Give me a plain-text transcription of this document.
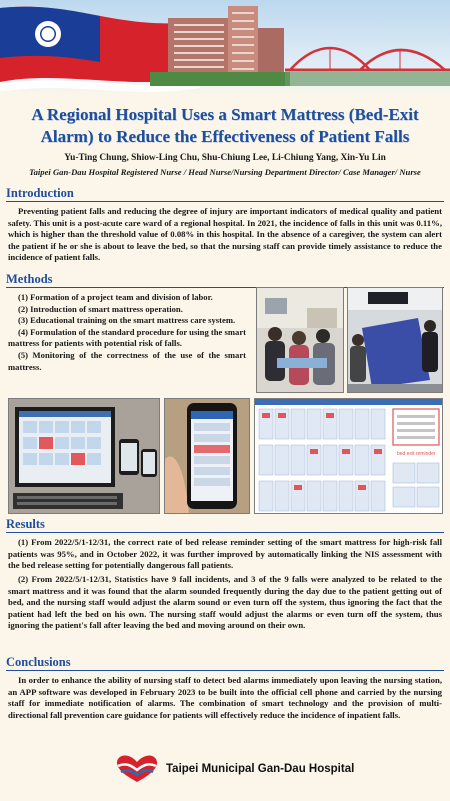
A Regional Hospital Uses a Smart Mattress (Bed-Exit Alarm) to Reduce the Effectiveness of Patient Falls
Yu-Ting Chung, Shiow-Ling Chu, Shu-Chiung Lee, Li-Chiung Yang, Xin-Yu Lin
Taipei Gan-Dau Hospital Registered Nurse / Head Nurse/Nursing Department Director/ Case Manager/ Nurse
Introduction
Preventing patient falls and reducing the degree of injury are important indicators of medical quality and patient safety. This unit is a post-acute care ward of a regional hospital. In 2021, the incidence of falls in this unit was 0.11%, which is higher than the threshold value of 0.08% in this hospital. In the absence of a caregiver, the system can alert the patient if he or she is about to leave the bed, so that the nursing staff can provide timely assistance to reduce the incidence of patient falls.
Methods
(1) Formation of a project team and division of labor.
(2) Introduction of smart mattress operation.
(3) Educational training on the smart mattress care system.
(4) Formulation of the standard procedure for using the smart mattress for patients with potential risk of falls.
(5) Monitoring of the correctness of the use of the smart mattress.
bed exit reminder
Results
(1) From 2022/5/1-12/31, the correct rate of bed release reminder setting of the smart mattress for high-risk fall patients was 95%, and in October 2022, it was further improved by automatically linking the NIS assessment with the bed release setting for potentially dangerous fall patients.
(2) From 2022/5/1-12/31, Statistics have 9 fall incidents, and 3 of the 9 falls were analyzed to be related to the smart mattress and it was found that the alarm sounded frequently during the day due to the patient getting out of bed, and the nursing staff would adjust the alarm sound or even turn off the system, thus ignoring the fact that the patient had left the bed on his own. The nursing staff would adjust the alarms or even turn off the system, thus ignoring the patient's fall after leaving the bed and moving around on their own.
Conclusions
In order to enhance the ability of nursing staff to detect bed alarms immediately upon leaving the nursing station, an APP software was developed in February 2023 to be built into the official cell phone and carried by the nursing staff for immediate notification of alarms. The combination of smart technology and the provision of multi-directional fall prevention care guidance for patients will effectively reduce the incidence of inpatient falls.
Taipei Municipal Gan-Dau Hospital
